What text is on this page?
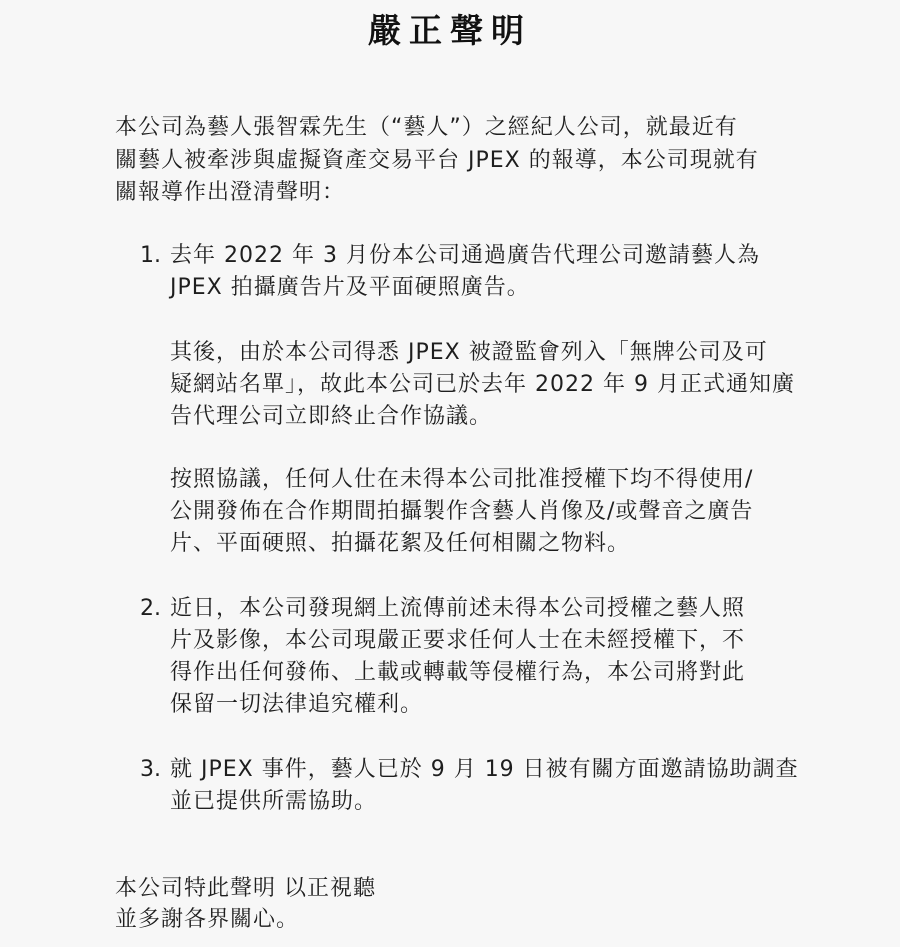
嚴正聲明
本公司為藝人張智霖先生（“藝人”）之經紀人公司，就最近有
關藝人被牽涉與虛擬資產交易平台 JPEX 的報導，本公司現就有
關報導作出澄清聲明：
1. 去年 2022 年 3 月份本公司通過廣告代理公司邀請藝人為
JPEX 拍攝廣告片及平面硬照廣告。
其後，由於本公司得悉 JPEX 被證監會列入「無牌公司及可
疑網站名單」，故此本公司已於去年 2022 年 9 月正式通知廣
告代理公司立即終止合作協議。
按照協議，任何人仕在未得本公司批准授權下均不得使用/
公開發佈在合作期間拍攝製作含藝人肖像及/或聲音之廣告
片、平面硬照、拍攝花絮及任何相關之物料。
2. 近日，本公司發現網上流傳前述未得本公司授權之藝人照
片及影像，本公司現嚴正要求任何人士在未經授權下，不
得作出任何發佈、上載或轉載等侵權行為，本公司將對此
保留一切法律追究權利。
3. 就 JPEX 事件，藝人已於 9 月 19 日被有關方面邀請協助調查
並已提供所需協助。
本公司特此聲明 以正視聽
並多謝各界關心。
